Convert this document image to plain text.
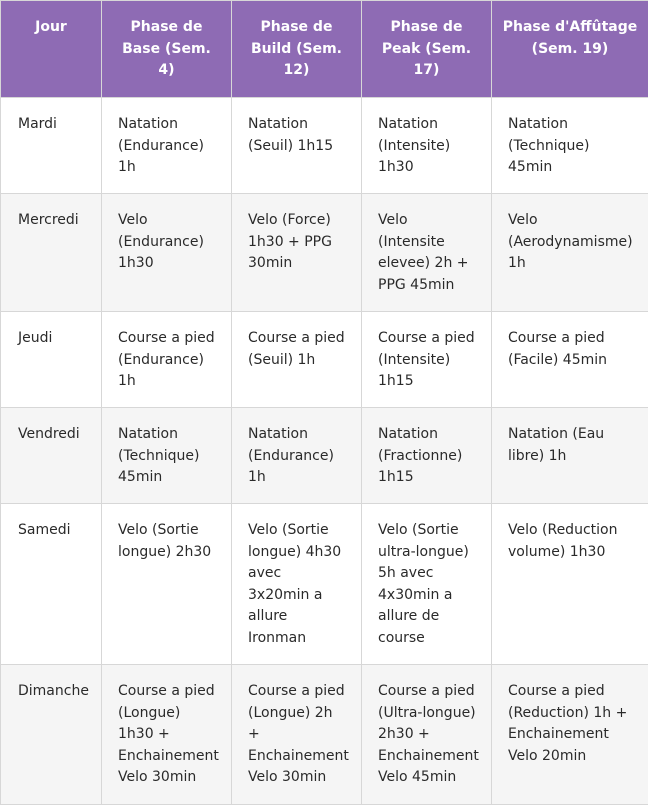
Jour	Phase de Base (Sem. 4)	Phase de Build (Sem. 12)	Phase de Peak (Sem. 17)	Phase d'Affûtage (Sem. 19)
Mardi	Natation (Endurance) 1h	Natation (Seuil) 1h15	Natation (Intensite) 1h30	Natation (Technique) 45min
Mercredi	Velo (Endurance) 1h30	Velo (Force) 1h30 + PPG 30min	Velo (Intensite elevee) 2h + PPG 45min	Velo (Aerodynamisme) 1h
Jeudi	Course a pied (Endurance) 1h	Course a pied (Seuil) 1h	Course a pied (Intensite) 1h15	Course a pied (Facile) 45min
Vendredi	Natation (Technique) 45min	Natation (Endurance) 1h	Natation (Fractionne) 1h15	Natation (Eau libre) 1h
Samedi	Velo (Sortie longue) 2h30	Velo (Sortie longue) 4h30 avec 3x20min a allure Ironman	Velo (Sortie ultra-longue) 5h avec 4x30min a allure de course	Velo (Reduction volume) 1h30
Dimanche	Course a pied (Longue) 1h30 + Enchainement Velo 30min	Course a pied (Longue) 2h + Enchainement Velo 30min	Course a pied (Ultra-longue) 2h30 + Enchainement Velo 45min	Course a pied (Reduction) 1h + Enchainement Velo 20min
